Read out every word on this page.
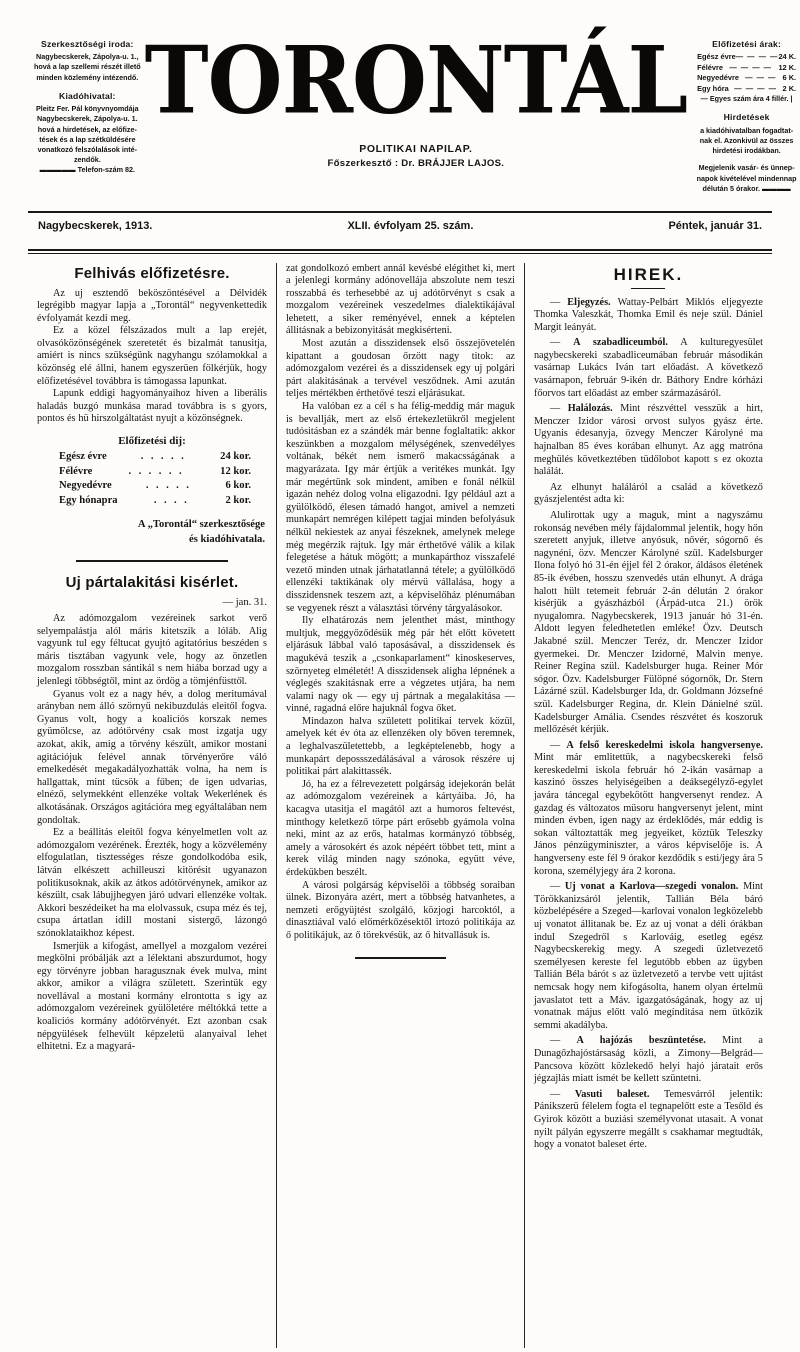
Szerkesztőségi iroda:
Nagybecskerek, Zápolya-u. 1.,
hová a lap szellemi részét illető
minden közlemény intézendő.
Kiadóhivatal:
Pleitz Fer. Pál könyvnyomdája
Nagybecskerek, Zápolya-u. 1.
hová a hirdetések, az előfize-
tések és a lap szétküldésére
vonatkozó felszólalások inté-
zendők.
▬▬▬▬▬ Telefon-szám 82.
TORONTÁL
POLITIKAI NAPILAP.
Főszerkesztő : Dr. BRÁJJER LAJOS.
Előfizetési árak:
Egész évre — — — — 24 K.
Félévre — — — — 12 K.
Negyedévre — — — 6 K.
Egy hóra — — — — 2 K.
— Egyes szám ára 4 fillér. |
Hirdetések
a kiadóhivatalban fogadtat-
nak el. Azonkivül az összes
hirdetési irodákban.
Megjelenik vasár- és ünnep-
napok kivételével mindennap
délután 5 órakor. ▬▬▬▬
Nagybecskerek, 1913.	XLII. évfolyam 25. szám.	Péntek, január 31.
Felhivás előfizetésre.

Az uj esztendő beköszöntésével a Délvidék legrégibb magyar lapja a „Torontál“ negyvenkettedik évfolyamát kezdi meg.

Ez a közel félszázados mult a lap erejét, olvasóközönségének szeretetét és bizalmát tanusitja, amiért is nincs szükségünk nagyhangu szólamokkal a közönség elé állni, hanem egyszerüen fölkérjük, hogy előfizetésével továbbra is támogassa lapunkat.

Lapunk eddigi hagyományaihoz hiven a liberális haladás buzgó munkása marad továbbra is s gyors, pontos és hü hirszolgáltatást nyujt a közönségnek.

Előfizetési dij:
Egész évre	. . . . .	24 kor.
Félévre	. . . . . .	12 kor.
Negyedévre	. . . . .	6 kor.
Egy hónapra	. . . .	2 kor.
A „Torontál“ szerkesztősége
és kiadóhivatala.
Uj pártalakitási kisérlet.
— jan. 31.

Az adómozgalom vezéreinek sarkot verő selyempalástja alól máris kitetszik a lóláb. Alig vagyunk tul egy féltucat gyujtó agitatórius beszéden s máris tisztában vagyunk vele, hogy az önzetlen mozgalom rosszban sántikál s nem hiába borzad ugy a jelenlegi többségtől, mint az ördög a tömjénfüsttől.

Gyanus volt ez a nagy hév, a dolog meritumával arányban nem álló szörnyü nekibuzdulás eleitől fogva. Gyanus volt, hogy a koalicíós korszak nemes gyümölcse, az adótörvény csak most izgatja ugy azokat, akik, amig a törvény készült, amikor mostani agitációjuk felével annak törvényerőre váló emelkedését megakadályozhatták volna, ha nem is hallgattak, mint tücsök a fűben; de igen udvarias, elnéző, selymekként ellenzéke voltak Wekerlének és alkotásának. Országos agitációra meg egyáltalában nem gondoltak.

Ez a beállitás eleitől fogva kényelmetlen volt az adómozgalom vezérének. Érezték, hogy a közvélemény elfogulatlan, tisztességes része gondolkodóba esik, látván elkészett achilleuszi kitörésit ugyanazon politikusoknak, akik az átkos adótörvénynek, amikor az készült, csak lábujjhegyen járó udvari ellenzéke voltak. Akkori beszédeiket ha ma elolvassuk, csupa méz és tej, csupa ártatlan idill mostani sistergő, lázongó szónoklataikhoz képest.

Ismerjük a kifogást, amellyel a mozgalom vezérei megkölni próbálják azt a lélektani abszurdumot, hogy egy törvényre jobban haragusznak évek mulva, mint akkor, amikor a világra született. Szerintük egy novellával a mostani kormány elrontotta s igy az adómozgalom vezéreinek gyülöletére méltókká tette a koaliciós kormány adótörvényét. Ezt azonban csak népgyülések felhevült képzeletü alanyaival lehet elhitetni. Ez a magyará-

zat gondolkozó embert annál kevésbé elégithet ki, mert a jelenlegi kormány adónovellája abszolute nem teszi rosszabbá és terhesebbé az uj adótörvényt s csak a mozgalom vezéreinek veszedelmes dialektikájával lehetett, a siker reményével, ennek a képtelen állitásnak a bebizonyitását megkisérteni.

Most azután a disszidensek első összejövetelén kipattant a goudosan őrzött nagy titok: az adómozgalom vezérei és a disszidensek egy uj polgári párt alakitásának a tervével vesződnek. Ami azután teljes mértékben érthetővé teszi eljárásukat.

Ha valóban ez a cél s ha félig-meddig már maguk is bevallják, mert az első értekezletükről megjelent tudósitásban ez a szándék már benne foglaltatik: akkor keszünkben a mozgalom mélységének, szenvedélyes voltának, békét nem ismerő makacsságának a magyarázata. Igy már értjük a veritékes munkát. Igy már megértünk sok mindent, amiben e fonál nélkül igazán nehéz dolog volna eligazodni. Igy például azt a gyülölködő, élesen támadó hangot, amivel a nemzeti munkapárt nemrégen kilépett tagjai minden befolyásuk nélkül nekiestek az anyai fészeknek, amelynek melege még megérzik rajtuk. Igy már érthetővé válik a kilak felegetése a hátuk mögött; a munkapárthoz visszafelé vezető minden utnak járhatatlanná tétele; a gyülölködő ellenzéki taktikának oly mérvü vállalása, hogy a disszidensnek teszem azt, a képviselőház plénumában se vegyenek részt a választási törvény tárgyalásokor.

Ily elhatározás nem jelenthet mást, minthogy multjuk, meggyőződésük még pár hét előtt követett eljárásuk lábbal való taposásával, a disszidensek és magukévá teszik a „csonkaparlament“ kinoskeserves, szörnyeteg elméletét! A disszidensek aligha lépnének a véglegés szakitásnak erre a végzetes utjára, ha nem valami nagy ok — egy uj pártnak a megalakitása — vinné, ragadná előre hajuknál fogva őket.

Mindazon halva született politikai tervek közül, amelyek két év óta az ellenzéken oly bőven teremnek, a leghalvaszületettebb, a legképtelenebb, hogy a munkapárt depossszedálásával a városok részére uj politikai párt alakittassék.

Jó, ha ez a félrevezetett polgárság idejekorán belát az adómozgalom vezéreinek a kártyáiba. Jó, ha kacagva utasitja el magától azt a humoros feltevést, minthogy keletkező törpe párt erősebb gyámola volna neki, mint az az erős, hatalmas kormányzó többség, amely a városokért és azok népéért többet tett, mint a kerek világ minden nagy szónoka, együtt véve, érdekükben beszélt.

A városi polgárság képviselői a többség soraiban ülnek. Bizonyára azért, mert a többség hatvanhetes, a nemzeti erőgyüjtést szolgáló, közjogi harcoktól, a dinasztiával való előmérkőzésektől irtozó politikája az ő politikájuk, az ő törekvésük, az ő hitvallásuk is.

HIREK.

— Eljegyzés. Wattay-Pelbárt Miklós eljegyezte Thomka Valeszkát, Thomka Emil és neje szül. Dániel Margit leányát.

— A szabadliceumból. A kulturegyesület nagybecskereki szabadliceumában február másodikán vasárnap Lukács Iván tart előadást. A következő vasárnapon, február 9-ikén dr. Báthory Endre kórházi főorvos tart előadást az ember származásáról.

— Halálozás. Mint részvéttel vesszük a hirt, Menczer Izidor városi orvost sulyos gyász érte. Ugyanis édesanyja, özvegy Menczer Károlyné ma hajnalban 85 éves korában elhunyt. Az agg matróna meghülés következtében tüdőlobot kapott s ez okozta halálát.

Az elhunyt haláláról a család a következő gyászjelentést adta ki:

Alulirottak ugy a maguk, mint a nagyszámu rokonság nevében mély fájdalommal jelentik, hogy hőn szeretett anyjuk, illetve anyósuk, nővér, sógornő és nagynéni, özv. Menczer Károlyné szül. Kadelsburger Ilona folyó hó 31-én éjjel fél 2 órakor, áldásos életének 85-ik évében, hosszu szenvedés után elhunyt. A drága halott hült tetemeit február 2-án délután 2 órakor kisérjük a gyászházból (Árpád-utca 21.) örök nyugalomra. Nagybecskerek, 1913 január hó 31-én. Aldott legyen feledhetetlen emléke! Özv. Deutsch Jakabné szül. Menczer Teréz, dr. Menczer Izidor gyermekei. Dr. Menczer Izidorné, Malvin menye. Reiner Regina szül. Kadelsburger huga. Reiner Mór sógor. Özv. Kadelsburger Fülöpné sógornők, Dr. Stern Lázárné szül. Kadelsburger Ida, dr. Goldmann Józsefné szül. Kadelsburger Regina, dr. Klein Dánielné szül. Kadelsburger Amália. Csendes részvétet és koszoruk mellőzését kérjük.

— A felső kereskedelmi iskola hangversenye. Mint már emlitettük, a nagybecskereki felső kereskedelmi iskola február hó 2-ikán vasárnap a kaszinó összes helyiségeiben a deáksegélyző-egylet javára táncegal egybekötött hangversenyt rendez. A gazdag és változatos müsoru hangversenyt jelent, mint minden évben, igen nagy az érdeklődés, már eddig is sokan változtatták meg jegyeiket, köztük Teleszky János pénzügyminiszter, a város képviselője is. A hangverseny este fél 9 órakor kezdődik s esti/jegy ára 5 korona, személyjegy ára 2 korona.

— Uj vonat a Karlova—szegedi vonalon. Mint Törökkanizsáról jelentik, Tallián Béla báró közbelépésére a Szeged—karlovai vonalon legközelebb uj vonatot állitanak be. Ez az uj vonat a déli órákban indul Szegedről s Karlováig, esetleg egész Nagybecskerekig megy. A szegedi üzletvezető személyesen kereste fel legutóbb ebben az ügyben Tallián Béla bárót s az üzletvezető a tervbe vett ujitást nemcsak hogy nem kifogásolta, hanem olyan értelmü javaslatot tett a Máv. igazgatóságának, hogy az uj vonatnak május előtt való megínditása nem ütközik semmi akadályba.

— A hajózás beszüntetése. Mint a Dunagőzhajóstársaság közli, a Zimony—Belgrád—Pancsova között közlekedő helyi hajó járatait erős jégzajlás miatt ismét be kellett szüntetni.

— Vasuti baleset. Temesvárról jelentik: Pánikszerü félelem fogta el tegnapelőtt este a Tesőld és Gyirok között a buziási személyvonat utasait. A vonat nyilt pályán egyszerre megállt s csakhamar megtudták, hogy a vonatot baleset érte.
